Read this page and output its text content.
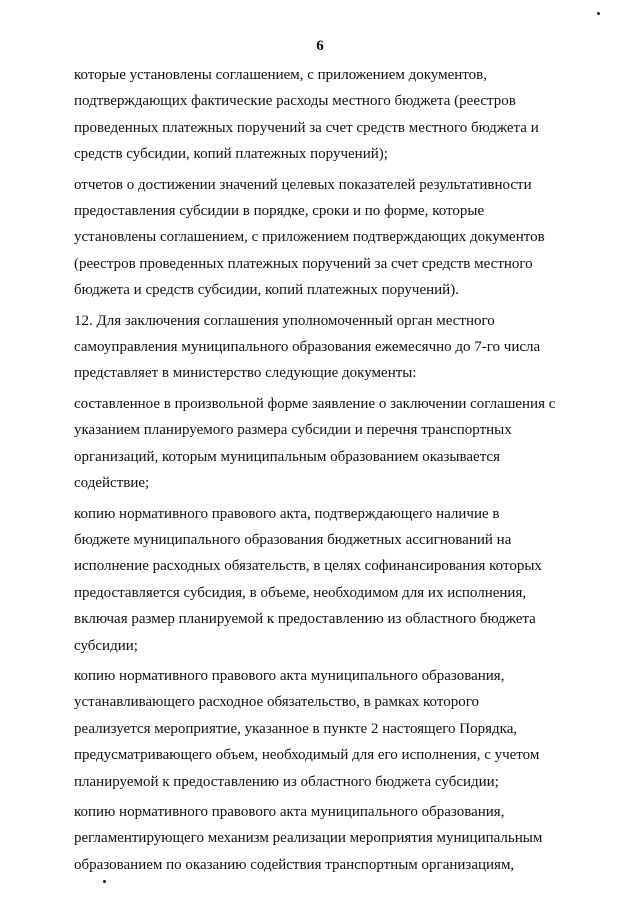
6
которые установлены соглашением, с приложением документов, подтверждающих фактические расходы местного бюджета (реестров проведенных платежных поручений за счет средств местного бюджета и средств субсидии, копий платежных поручений);
отчетов о достижении значений целевых показателей результативности предоставления субсидии в порядке, сроки и по форме, которые установлены соглашением, с приложением подтверждающих документов (реестров проведенных платежных поручений за счет средств местного бюджета и средств субсидии, копий платежных поручений).
12. Для заключения соглашения уполномоченный орган местного самоуправления муниципального образования ежемесячно до 7-го числа представляет в министерство следующие документы:
составленное в произвольной форме заявление о заключении соглашения с указанием планируемого размера субсидии и перечня транспортных организаций, которым муниципальным образованием оказывается содействие;
копию нормативного правового акта, подтверждающего наличие в бюджете муниципального образования бюджетных ассигнований на исполнение расходных обязательств, в целях софинансирования которых предоставляется субсидия, в объеме, необходимом для их исполнения, включая размер планируемой к предоставлению из областного бюджета субсидии;
копию нормативного правового акта муниципального образования, устанавливающего расходное обязательство, в рамках которого реализуется мероприятие, указанное в пункте 2 настоящего Порядка, предусматривающего объем, необходимый для его исполнения, с учетом планируемой к предоставлению из областного бюджета субсидии;
копию нормативного правового акта муниципального образования, регламентирующего механизм реализации мероприятия муниципальным образованием по оказанию содействия транспортным организациям,
